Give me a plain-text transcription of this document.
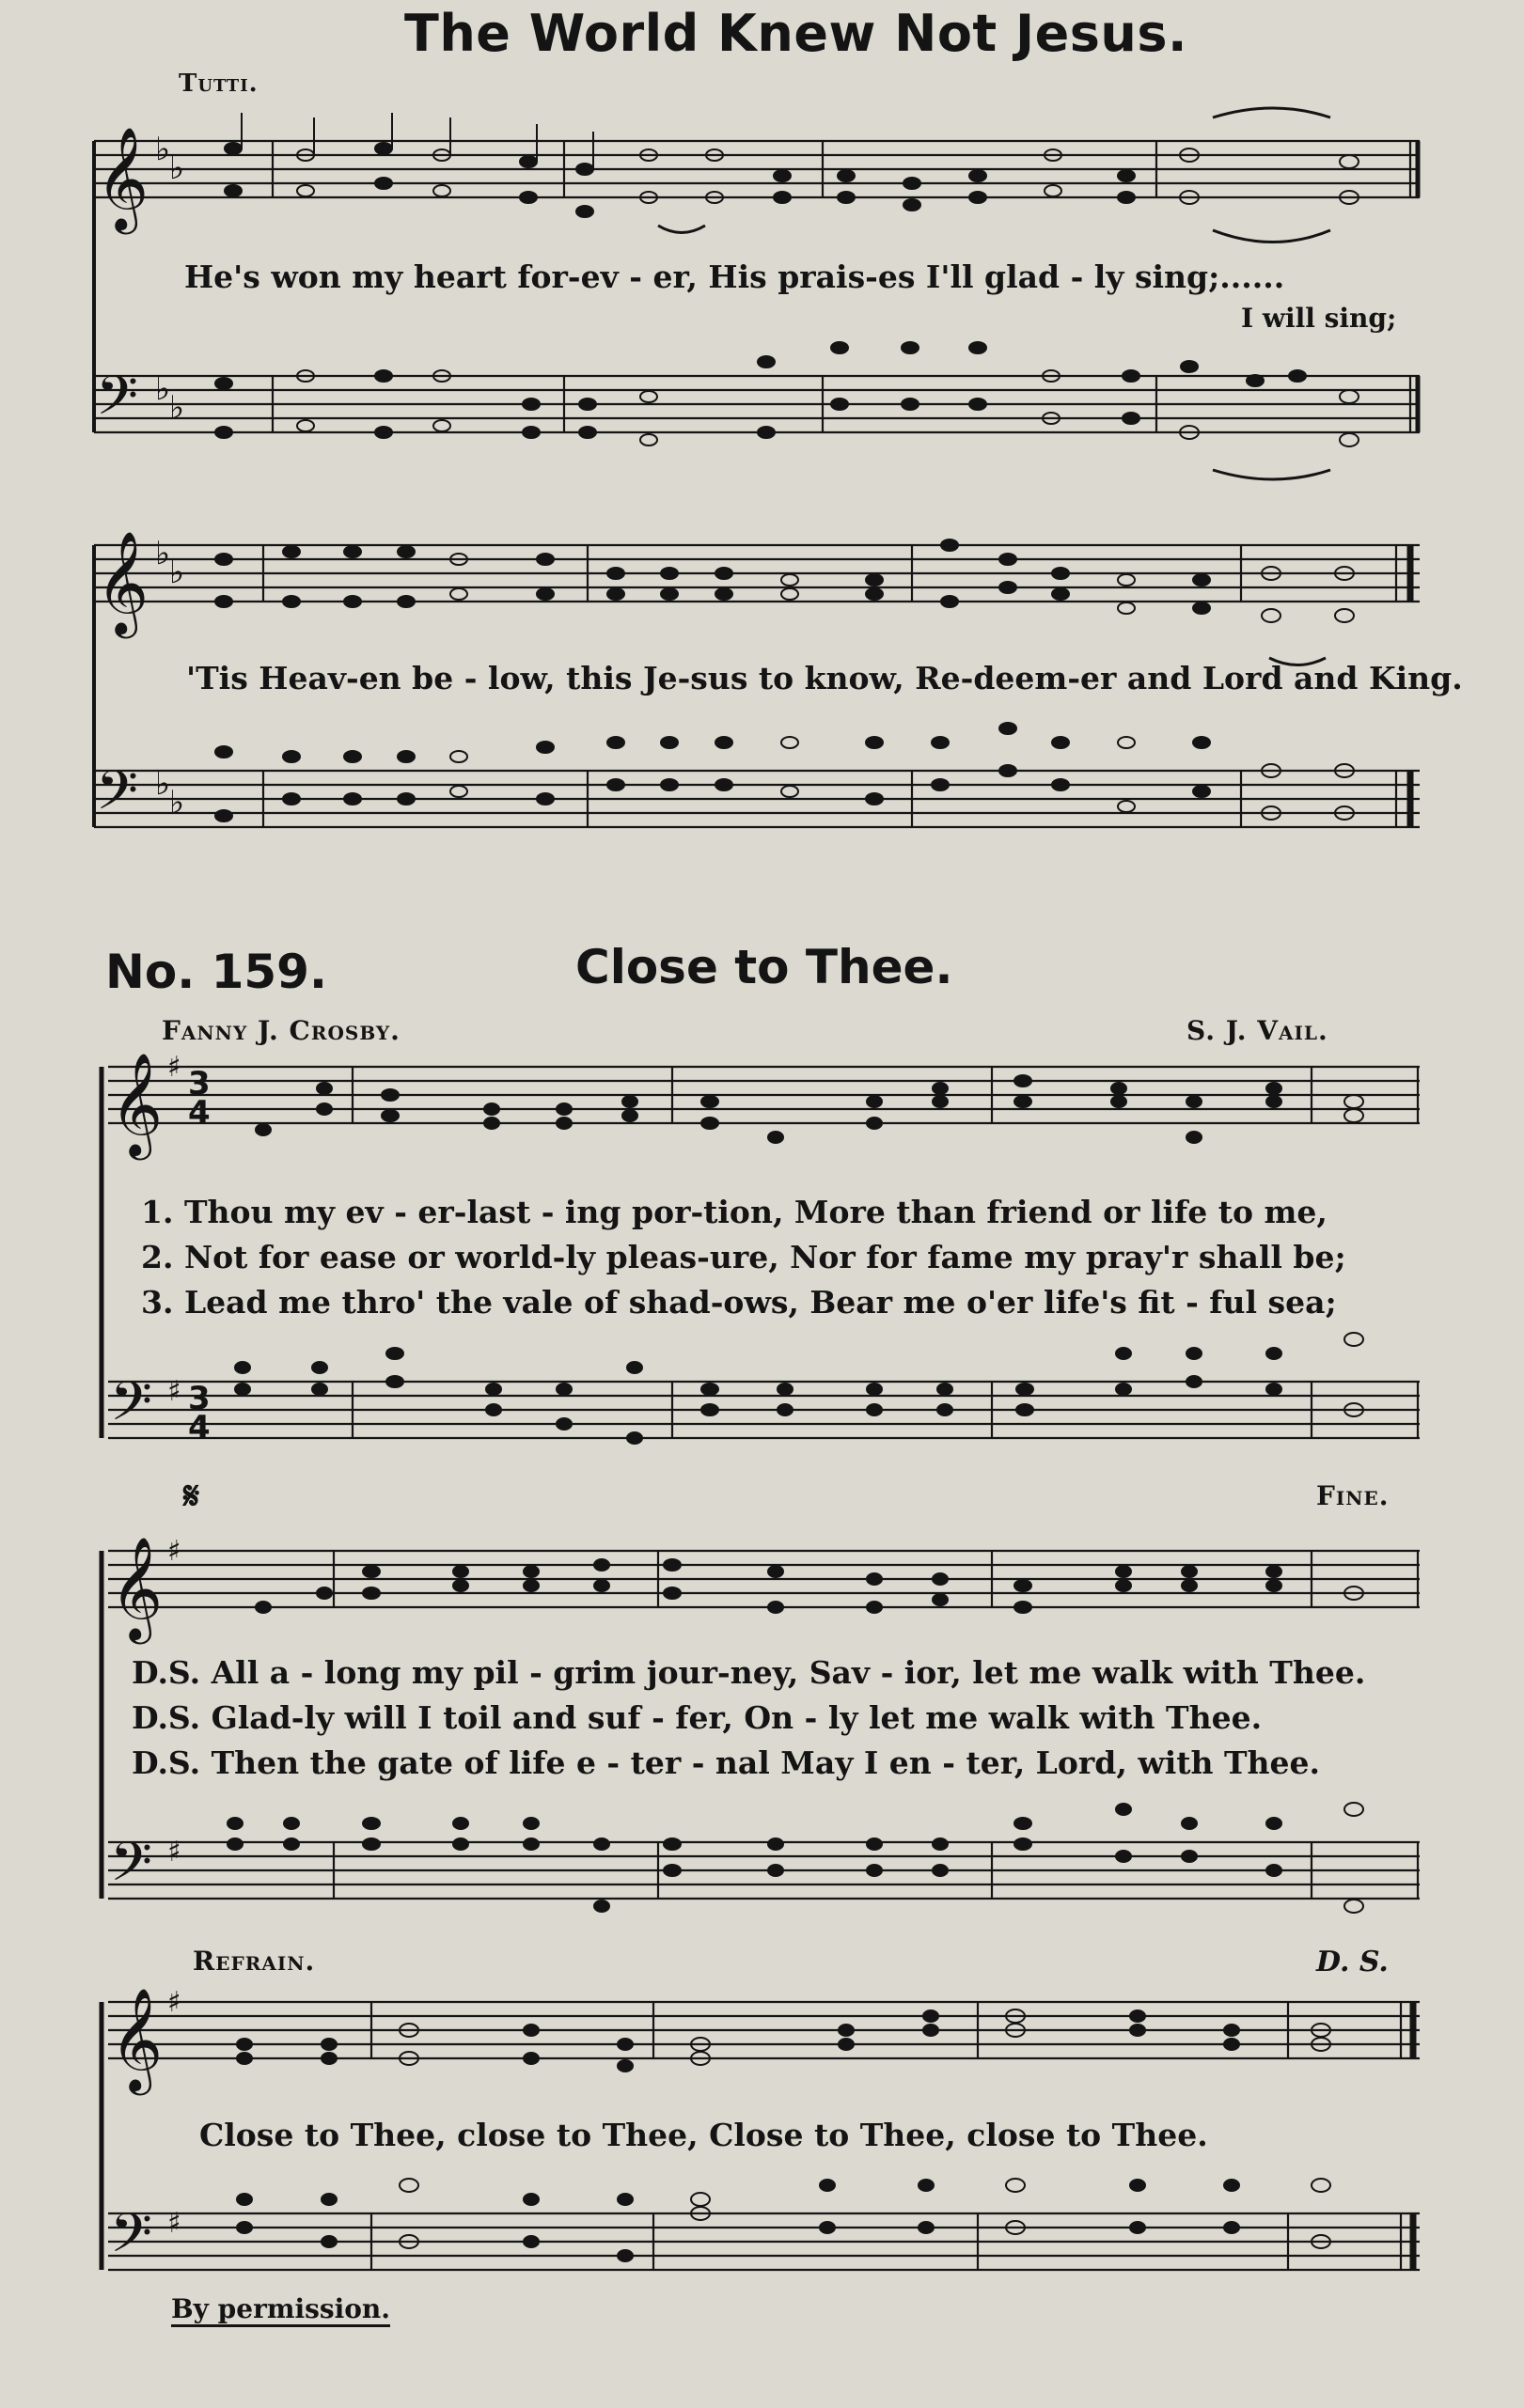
The World Knew Not Jesus.
Tutti.
𝄞
𝄢
𝄞
𝄢
𝄞
𝄢
𝄞
𝄢
𝄞
𝄢
♭
♭
♭
♭
♭
♭
♭
♭
♯
♯
♯
♯
♯
♯
3
4
3
4
He's won my heart for-ev - er, His prais-es I'll glad - ly sing;......
I will sing;
'Tis Heav-en be - low, this Je-sus to know, Re-deem-er and Lord and King.
No. 159.	Close to Thee.
Fanny J. Crosby.	S. J. Vail.
1. Thou my ev - er-last - ing por-tion, More than friend or life to me,
2. Not for ease or world-ly pleas-ure, Nor for fame my pray'r shall be;
3. Lead me thro' the vale of shad-ows, Bear me o'er life's fit - ful sea;
Fine.
𝄋
D.S. All a - long my pil - grim jour-ney, Sav - ior, let me walk with Thee.
D.S. Glad-ly will I toil and suf - fer, On - ly let me walk with Thee.
D.S. Then the gate of life e - ter - nal May I en - ter, Lord, with Thee.
Refrain.	D. S.
Close to Thee, close to Thee, Close to Thee, close to Thee.
By permission.
